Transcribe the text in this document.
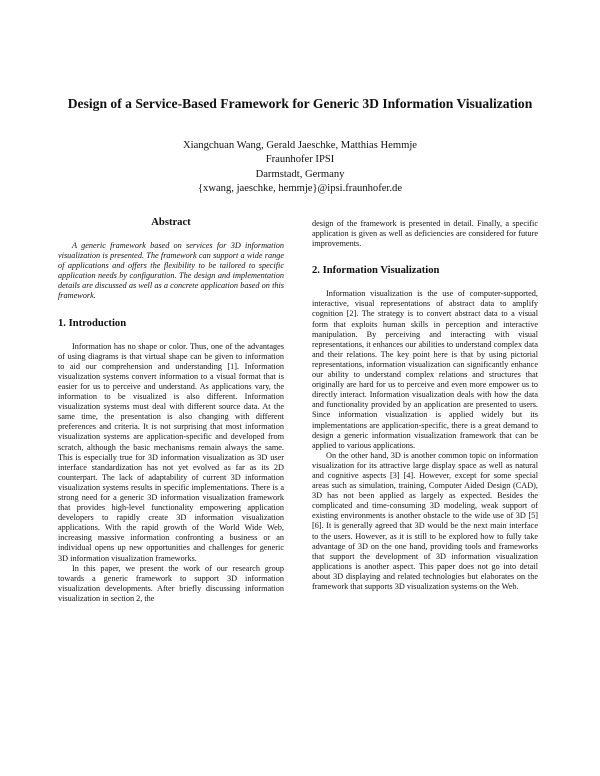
Design of a Service-Based Framework for Generic 3D Information Visualization
Xiangchuan Wang, Gerald Jaeschke, Matthias Hemmje
Fraunhofer IPSI
Darmstadt, Germany
{xwang, jaeschke, hemmje}@ipsi.fraunhofer.de
Abstract

A generic framework based on services for 3D information visualization is presented. The framework can support a wide range of applications and offers the flexibility to be tailored to specific application needs by configuration. The design and implementation details are discussed as well as a concrete application based on this framework.

1. Introduction

Information has no shape or color. Thus, one of the advantages of using diagrams is that virtual shape can be given to information to aid our comprehension and understanding [1]. Information visualization systems convert information to a visual format that is easier for us to perceive and understand. As applications vary, the information to be visualized is also different. Information visualization systems must deal with different source data. At the same time, the presentation is also changing with different preferences and criteria. It is not surprising that most information visualization systems are application-specific and developed from scratch, although the basic mechanisms remain always the same. This is especially true for 3D information visualization as 3D user interface standardization has not yet evolved as far as its 2D counterpart. The lack of adaptability of current 3D information visualization systems results in specific implementations. There is a strong need for a generic 3D information visualization framework that provides high-level functionality empowering application developers to rapidly create 3D information visualization applications. With the rapid growth of the World Wide Web, increasing massive information confronting a business or an individual opens up new opportunities and challenges for generic 3D information visualization frameworks.

In this paper, we present the work of our research group towards a generic framework to support 3D information visualization developments. After briefly discussing information visualization in section 2, the

design of the framework is presented in detail. Finally, a specific application is given as well as deficiencies are considered for future improvements.

2. Information Visualization

Information visualization is the use of computer-supported, interactive, visual representations of abstract data to amplify cognition [2]. The strategy is to convert abstract data to a visual form that exploits human skills in perception and interactive manipulation. By perceiving and interacting with visual representations, it enhances our abilities to understand complex data and their relations. The key point here is that by using pictorial representations, information visualization can significantly enhance our ability to understand complex relations and structures that originally are hard for us to perceive and even more empower us to directly interact. Information visualization deals with how the data and functionality provided by an application are presented to users. Since information visualization is applied widely but its implementations are application-specific, there is a great demand to design a generic information visualization framework that can be applied to various applications.

On the other hand, 3D is another common topic on information visualization for its attractive large display space as well as natural and cognitive aspects [3] [4]. However, except for some special areas such as simulation, training, Computer Aided Design (CAD), 3D has not been applied as largely as expected. Besides the complicated and time-consuming 3D modeling, weak support of existing environments is another obstacle to the wide use of 3D [5] [6]. It is generally agreed that 3D would be the next main interface to the users. However, as it is still to be explored how to fully take advantage of 3D on the one hand, providing tools and frameworks that support the development of 3D information visualization applications is another aspect. This paper does not go into detail about 3D displaying and related technologies but elaborates on the framework that supports 3D visualization systems on the Web.
